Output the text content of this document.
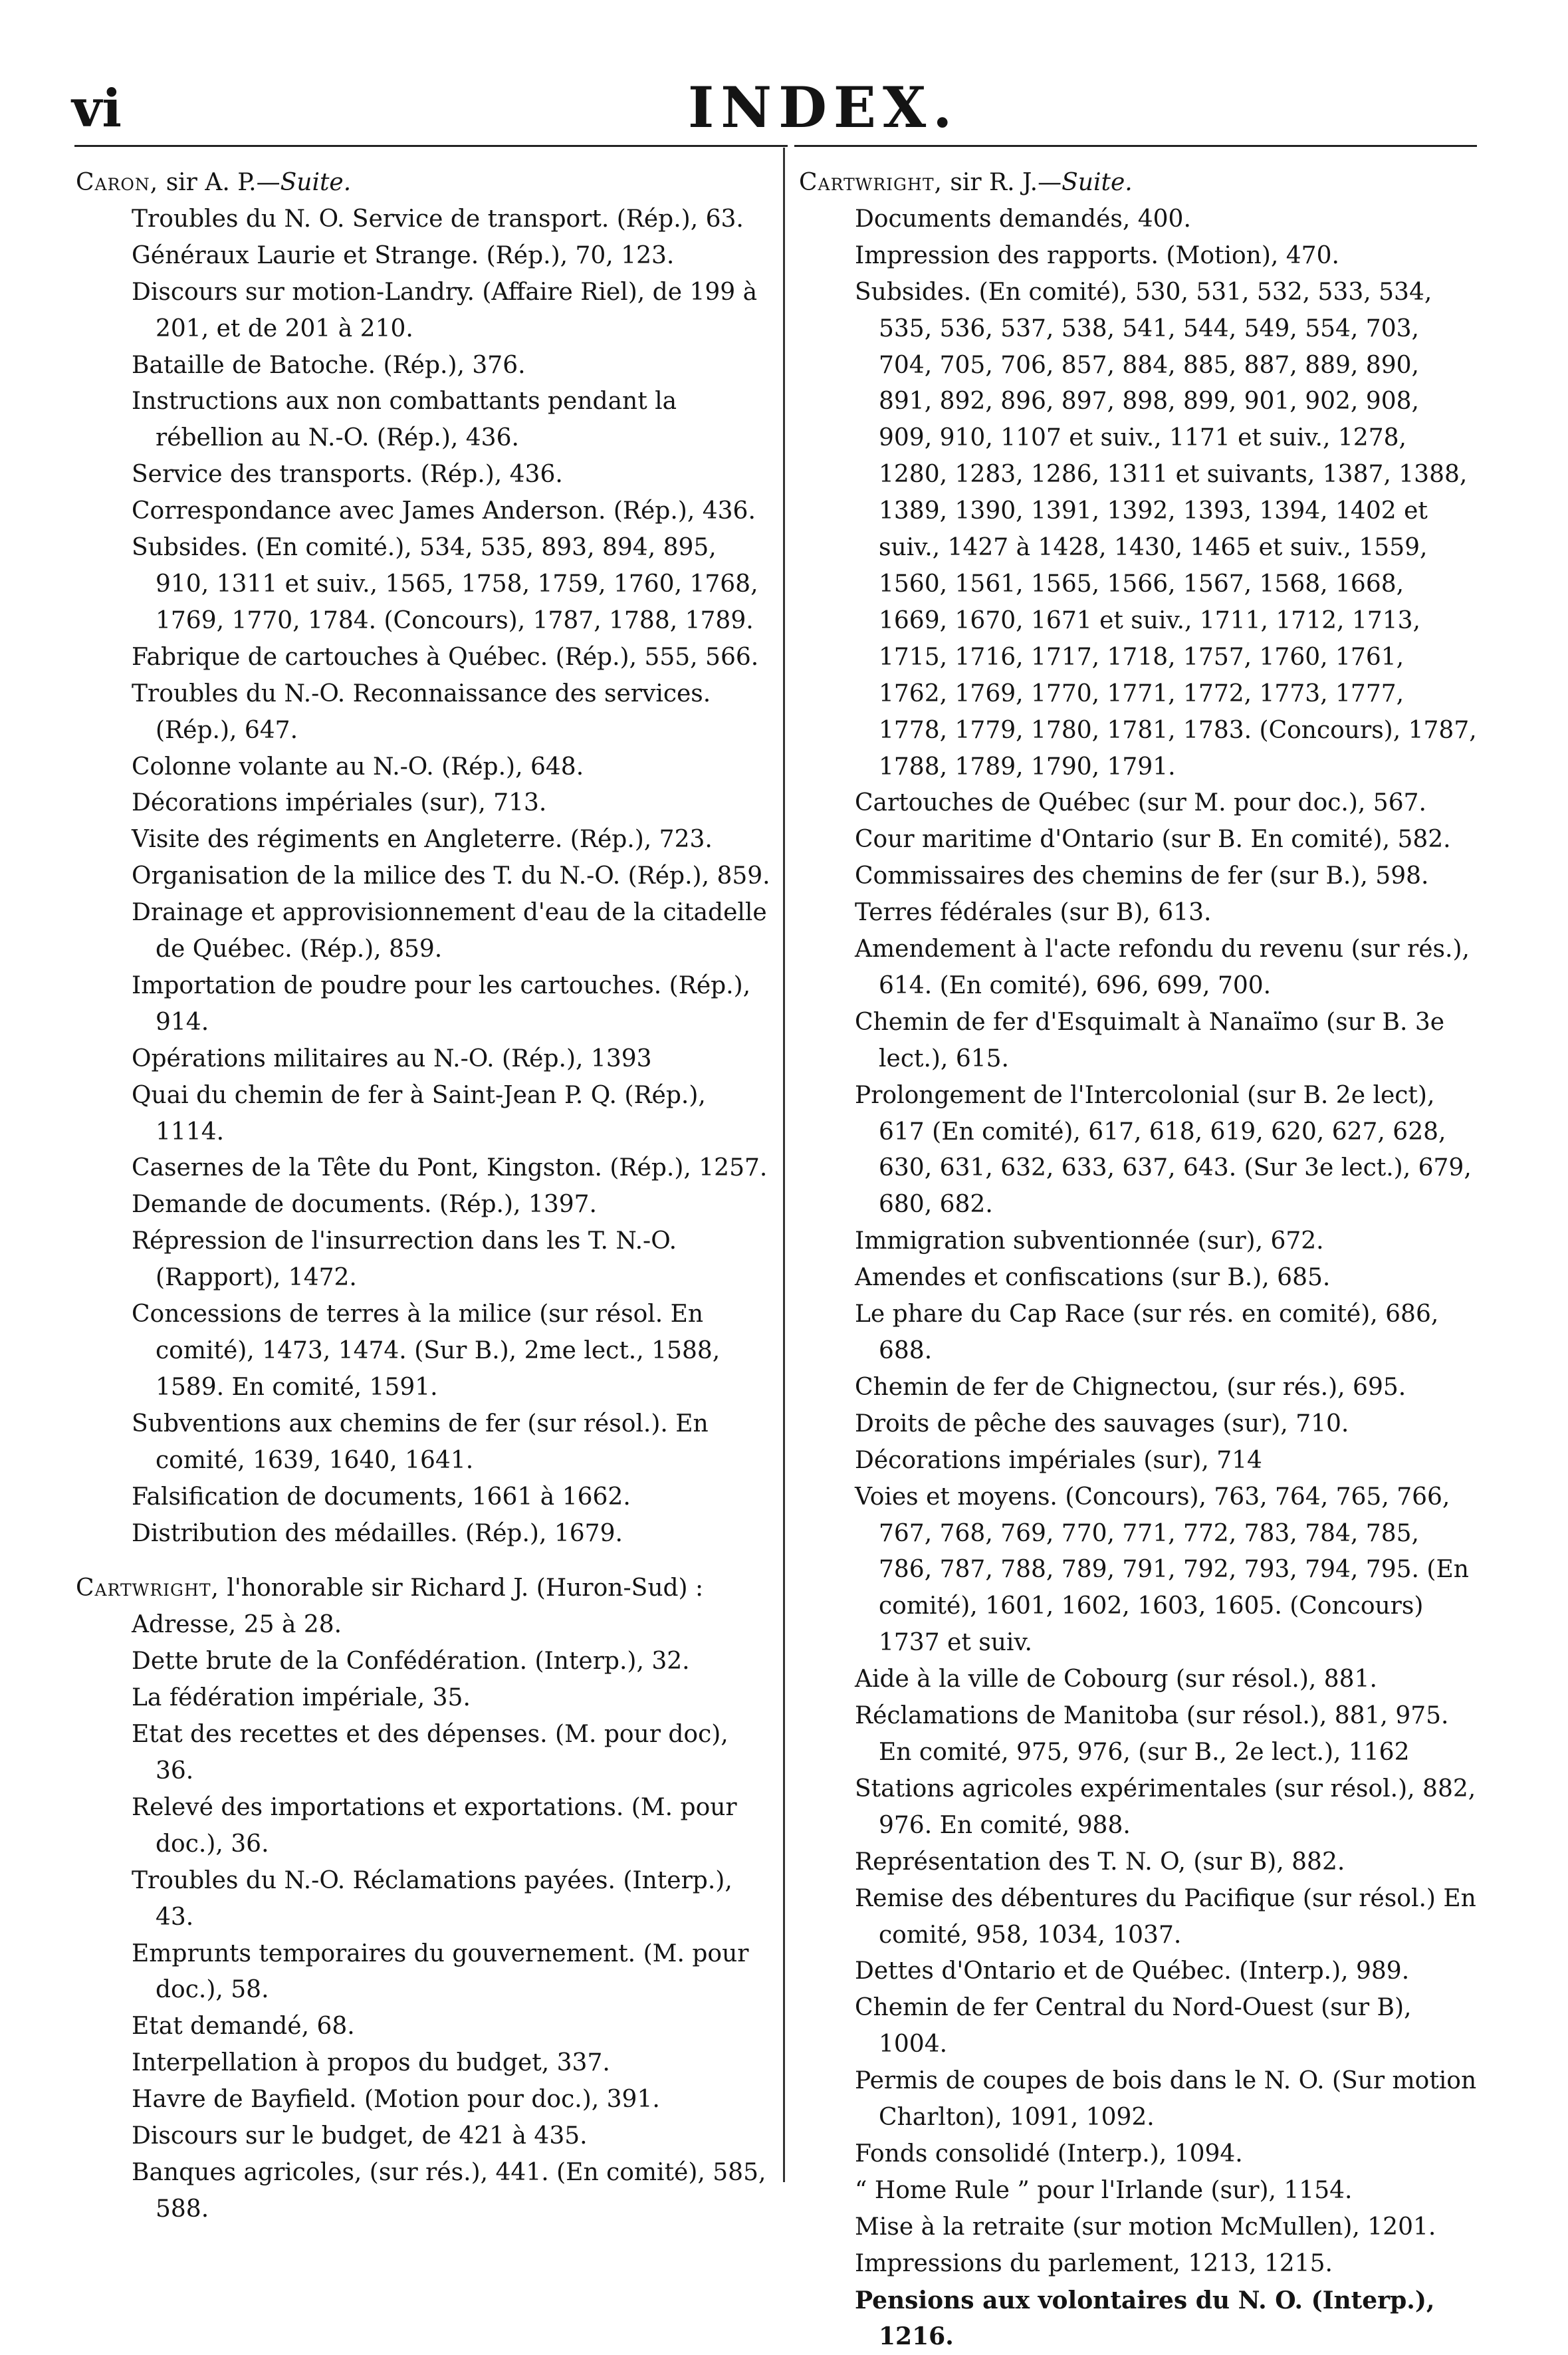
vi	INDEX.
Caron, sir A. P.—Suite.
Troubles du N. O. Service de transport. (Rép.), 63.
Généraux Laurie et Strange. (Rép.), 70, 123.
Discours sur motion-Landry. (Affaire Riel), de 199 à 201, et de 201 à 210.
Bataille de Batoche. (Rép.), 376.
Instructions aux non combattants pendant la rébellion au N.-O. (Rép.), 436.
Service des transports. (Rép.), 436.
Correspondance avec James Anderson. (Rép.), 436.
Subsides. (En comité.), 534, 535, 893, 894, 895, 910, 1311 et suiv., 1565, 1758, 1759, 1760, 1768, 1769, 1770, 1784. (Concours), 1787, 1788, 1789.
Fabrique de cartouches à Québec. (Rép.), 555, 566.
Troubles du N.-O. Reconnaissance des services. (Rép.), 647.
Colonne volante au N.-O. (Rép.), 648.
Décorations impériales (sur), 713.
Visite des régiments en Angleterre. (Rép.), 723.
Organisation de la milice des T. du N.-O. (Rép.), 859.
Drainage et approvisionnement d'eau de la citadelle de Québec. (Rép.), 859.
Importation de poudre pour les cartouches. (Rép.), 914.
Opérations militaires au N.-O. (Rép.), 1393
Quai du chemin de fer à Saint-Jean P. Q. (Rép.), 1114.
Casernes de la Tête du Pont, Kingston. (Rép.), 1257.
Demande de documents. (Rép.), 1397.
Répression de l'insurrection dans les T. N.-O. (Rapport), 1472.
Concessions de terres à la milice (sur résol. En comité), 1473, 1474. (Sur B.), 2me lect., 1588, 1589. En comité, 1591.
Subventions aux chemins de fer (sur résol.). En comité, 1639, 1640, 1641.
Falsification de documents, 1661 à 1662.
Distribution des médailles. (Rép.), 1679.
Cartwright, l'honorable sir Richard J. (Huron-Sud) :
Adresse, 25 à 28.
Dette brute de la Confédération. (Interp.), 32.
La fédération impériale, 35.
Etat des recettes et des dépenses. (M. pour doc), 36.
Relevé des importations et exportations. (M. pour doc.), 36.
Troubles du N.-O. Réclamations payées. (Interp.), 43.
Emprunts temporaires du gouvernement. (M. pour doc.), 58.
Etat demandé, 68.
Interpellation à propos du budget, 337.
Havre de Bayfield. (Motion pour doc.), 391.
Discours sur le budget, de 421 à 435.
Banques agricoles, (sur rés.), 441. (En comité), 585, 588.
Cartwright, sir R. J.—Suite.
Documents demandés, 400.
Impression des rapports. (Motion), 470.
Subsides. (En comité), 530, 531, 532, 533, 534, 535, 536, 537, 538, 541, 544, 549, 554, 703, 704, 705, 706, 857, 884, 885, 887, 889, 890, 891, 892, 896, 897, 898, 899, 901, 902, 908, 909, 910, 1107 et suiv., 1171 et suiv., 1278, 1280, 1283, 1286, 1311 et suivants, 1387, 1388, 1389, 1390, 1391, 1392, 1393, 1394, 1402 et suiv., 1427 à 1428, 1430, 1465 et suiv., 1559, 1560, 1561, 1565, 1566, 1567, 1568, 1668, 1669, 1670, 1671 et suiv., 1711, 1712, 1713, 1715, 1716, 1717, 1718, 1757, 1760, 1761, 1762, 1769, 1770, 1771, 1772, 1773, 1777, 1778, 1779, 1780, 1781, 1783. (Concours), 1787, 1788, 1789, 1790, 1791.
Cartouches de Québec (sur M. pour doc.), 567.
Cour maritime d'Ontario (sur B. En comité), 582.
Commissaires des chemins de fer (sur B.), 598.
Terres fédérales (sur B), 613.
Amendement à l'acte refondu du revenu (sur rés.), 614. (En comité), 696, 699, 700.
Chemin de fer d'Esquimalt à Nanaïmo (sur B. 3e lect.), 615.
Prolongement de l'Intercolonial (sur B. 2e lect), 617 (En comité), 617, 618, 619, 620, 627, 628, 630, 631, 632, 633, 637, 643. (Sur 3e lect.), 679, 680, 682.
Immigration subventionnée (sur), 672.
Amendes et confiscations (sur B.), 685.
Le phare du Cap Race (sur rés. en comité), 686, 688.
Chemin de fer de Chignectou, (sur rés.), 695.
Droits de pêche des sauvages (sur), 710.
Décorations impériales (sur), 714
Voies et moyens. (Concours), 763, 764, 765, 766, 767, 768, 769, 770, 771, 772, 783, 784, 785, 786, 787, 788, 789, 791, 792, 793, 794, 795. (En comité), 1601, 1602, 1603, 1605. (Concours) 1737 et suiv.
Aide à la ville de Cobourg (sur résol.), 881.
Réclamations de Manitoba (sur résol.), 881, 975. En comité, 975, 976, (sur B., 2e lect.), 1162
Stations agricoles expérimentales (sur résol.), 882, 976. En comité, 988.
Représentation des T. N. O, (sur B), 882.
Remise des débentures du Pacifique (sur résol.) En comité, 958, 1034, 1037.
Dettes d'Ontario et de Québec. (Interp.), 989.
Chemin de fer Central du Nord-Ouest (sur B), 1004.
Permis de coupes de bois dans le N. O. (Sur motion Charlton), 1091, 1092.
Fonds consolidé (Interp.), 1094.
“ Home Rule ” pour l'Irlande (sur), 1154.
Mise à la retraite (sur motion McMullen), 1201.
Impressions du parlement, 1213, 1215.
Pensions aux volontaires du N. O. (Interp.), 1216.
